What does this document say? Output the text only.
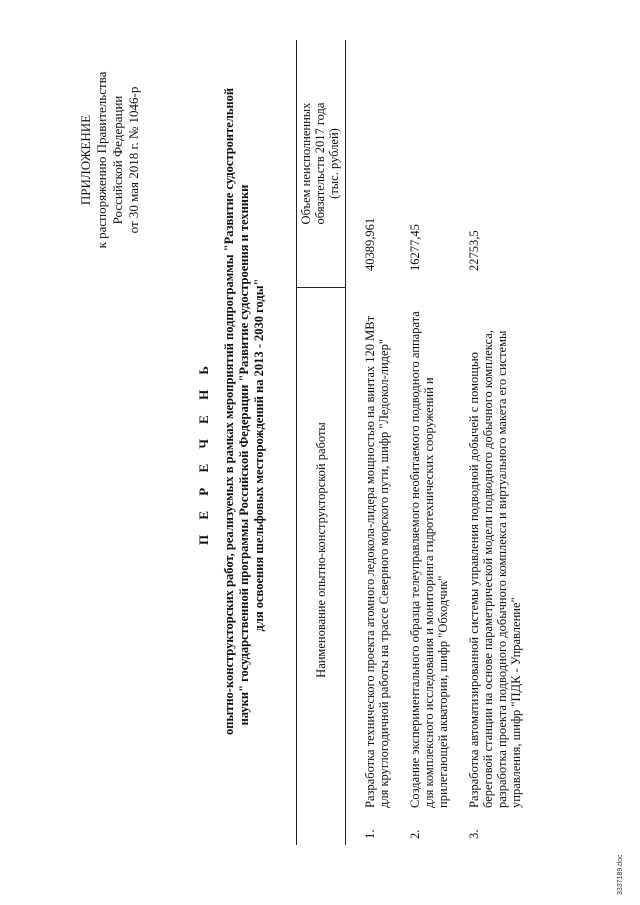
ПРИЛОЖЕНИЕ к распоряжению Правительства Российской Федерации от 30 мая 2018 г. № 1046-р
П Е Р Е Ч Е Н Ь опытно-конструкторских работ, реализуемых в рамках мероприятий подпрограммы "Развитие судостроительной науки" государственной программы Российской Федерации "Развитие судостроения и техники для освоения шельфовых месторождений на 2013 - 2030 годы"	Наименование опытно-конструкторской работы
Объем неисполненных обязательств 2017 года (тыс. рублей)
1.
Разработка технического проекта атомного ледокола-лидера мощностью на винтах 120 МВт для круглогодичной работы на трассе Северного морского пути, шифр "Ледокол-лидер"
40389,961
2.
Создание экспериментального образца телеуправляемого необитаемого подводного аппарата для комплексного исследования и мониторинга гидротехнических сооружений и прилегающей акватории, шифр "Обходчик"
16277,45
3.
Разработка автоматизированной системы управления подводной добычей с помощью береговой станции на основе параметрической модели подводного добычного комплекса, разработка проекта подводного добычного комплекса и виртуального макета его системы управления, шифр "ПДК - Управление"
22753,5
3337189.doc
